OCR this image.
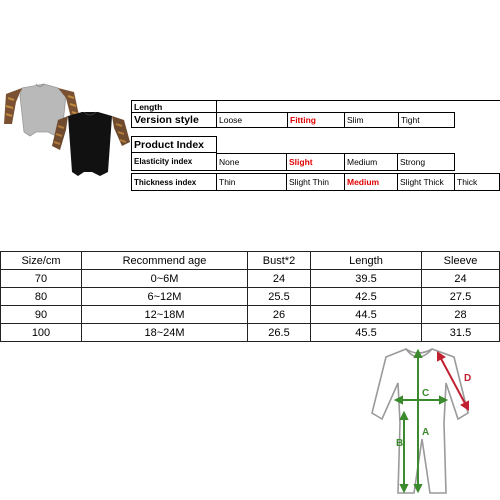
Length
Version style	Loose	Fitting	Slim	Tight
Product Index
Elasticity index	None	Slight	Medium	Strong
Thickness index	Thin	Slight Thin	Medium	Slight Thick	Thick
Size/cm	Recommend age	Bust*2	Length	Sleeve
70	0~6M	24	39.5	24
80	6~12M	25.5	42.5	27.5
90	12~18M	26	44.5	28
100	18~24M	26.5	45.5	31.5
A
B
C
D
